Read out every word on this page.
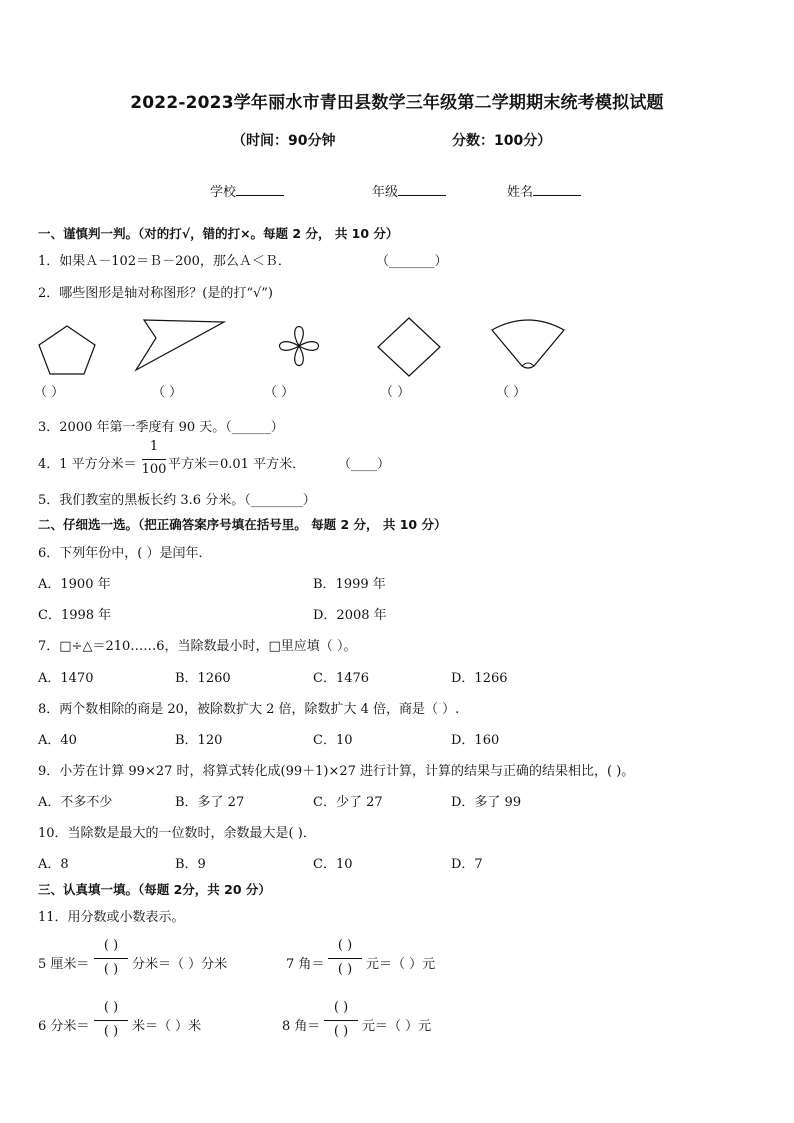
2022-2023学年丽水市青田县数学三年级第二学期期末统考模拟试题
（时间：90分钟	分数：100分）
学校	年级	姓名
一、谨慎判一判。（对的打√，错的打×。每题 2 分， 共 10 分）
1．如果Ａ－102＝Ｂ－200，那么Ａ＜Ｂ．	（_______）
2．哪些图形是轴对称图形？(是的打“√”)
（ ）	（ ）	（ ）	（ ）	（ ）
3．2000 年第一季度有 90 天。（______）
4．1 平方分米＝
1
100 平方米＝0.01 平方米．	（____）
5．我们教室的黑板长约 3.6 分米。（________）
二、仔细选一选。（把正确答案序号填在括号里。 每题 2 分， 共 10 分）
6．下列年份中，( ）是闰年．
A．1900 年	B．1999 年
C．1998 年	D．2008 年
7．□÷△＝210……6，当除数最小时，□里应填（ ）。
A．1470	B．1260	C．1476	D．1266
8．两个数相除的商是 20，被除数扩大 2 倍，除数扩大 4 倍，商是（ ）.
A．40	B．120	C．10	D．160
9．小芳在计算 99×27 时，将算式转化成(99＋1)×27 进行计算，计算的结果与正确的结果相比，( )。
A．不多不少	B．多了 27	C．少了 27	D．多了 99
10．当除数是最大的一位数时，余数最大是( )．
A．8	B．9	C．10	D．7
三、认真填一填。（每题 2分，共 20 分）
11．用分数或小数表示。
5 厘米＝
( )
( )	分米＝（ ）分米	7 角＝
( )
( )	元＝（ ）元
6 分米＝
( )
( )	米＝（ ）米	8 角＝
( )
( )	元＝（ ）元
